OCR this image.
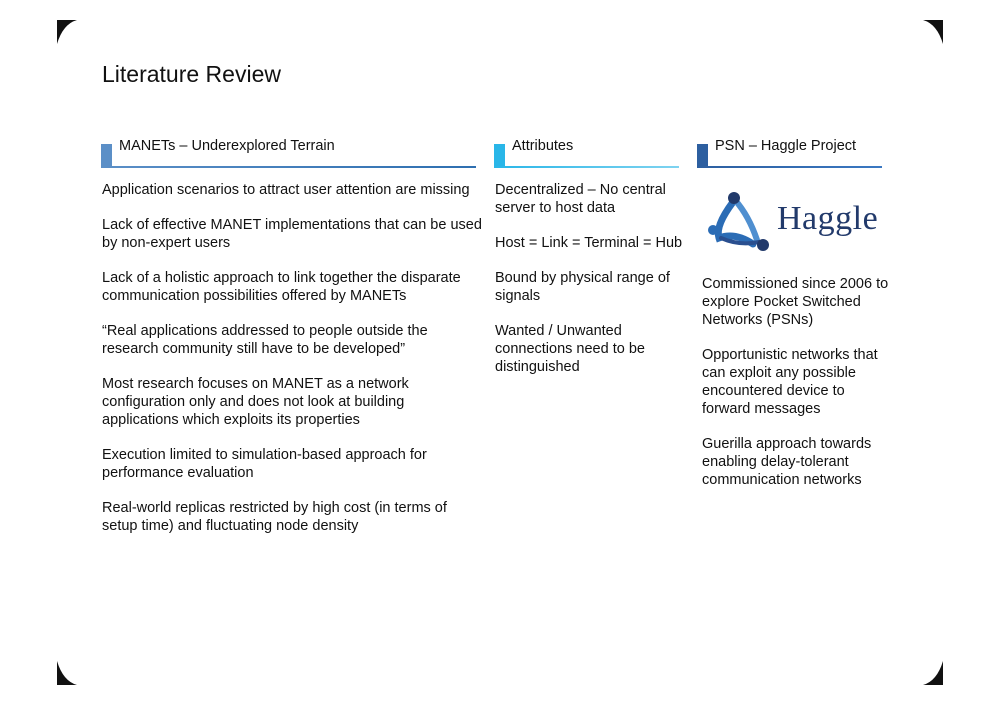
Literature Review
MANETs – Underexplored Terrain	Attributes	PSN – Haggle Project

Application scenarios to attract user attention are missing

Lack of effective MANET implementations that can be used by non-expert users

Lack of a holistic approach to link together the disparate communication possibilities offered by MANETs

“Real applications addressed to people outside the research community still have to be developed”

Most research focuses on MANET as a network configuration only and does not look at building applications which exploits its properties

Execution limited to simulation-based approach for performance evaluation

Real-world replicas restricted by high cost (in terms of setup time) and fluctuating node density

Decentralized – No central server to host data

Host = Link = Terminal = Hub

Bound by physical range of signals

Wanted / Unwanted connections need to be distinguished

Haggle

Commissioned since 2006 to explore Pocket Switched Networks (PSNs)

Opportunistic networks that can exploit any possible encountered device to forward messages

Guerilla approach towards enabling delay-tolerant communication networks
